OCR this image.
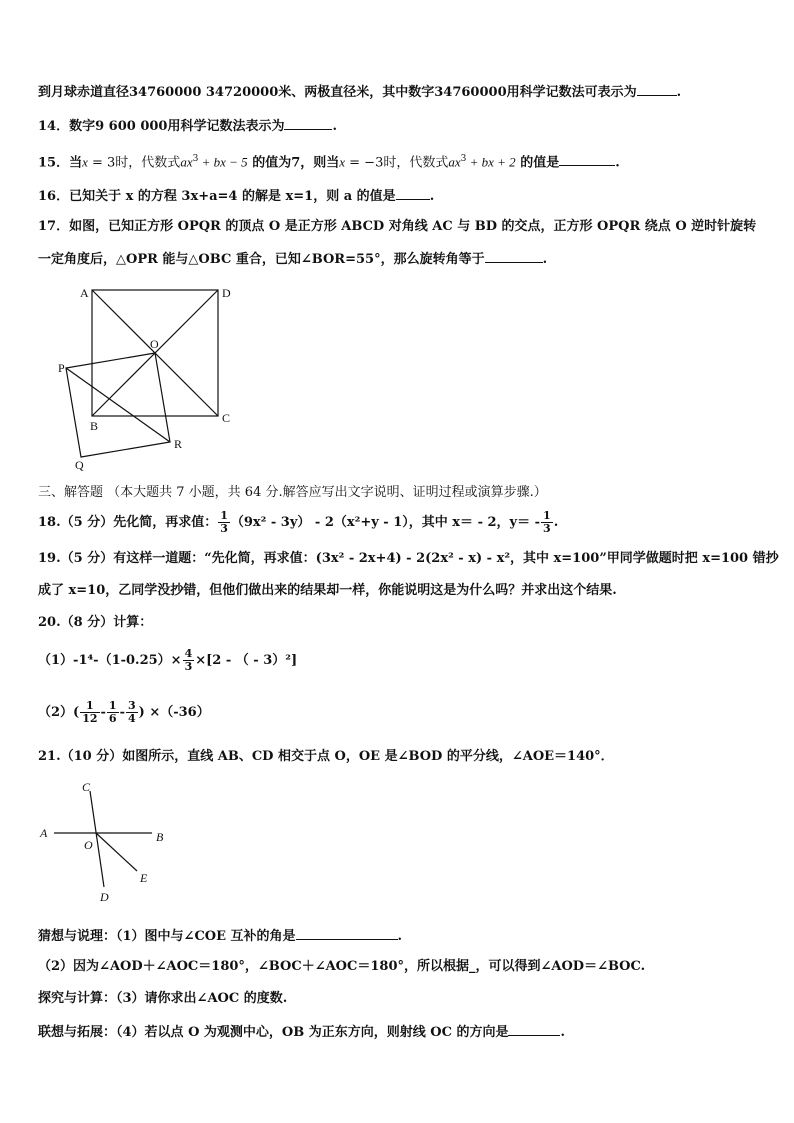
到月球赤道直径34760000 34720000米、两极直径米，其中数字34760000用科学记数法可表示为	.
14．数字9 600 000用科学记数法表示为	.
15．当x = 3时，代数式$ax^3$ + bx − 5 的值为7，则当x = −3时，代数式$ax^3$ + bx + 2 的值是	.
16．已知关于 x 的方程 3x+a=4 的解是 x=1，则 a 的值是	.
17．如图，已知正方形 OPQR 的顶点 O 是正方形 ABCD 对角线 AC 与 BD 的交点，正方形 OPQR 绕点 O 逆时针旋转
一定角度后，△OPR 能与△OBC 重合，已知∠BOR=55°，那么旋转角等于	.
A	D
O
P
B
C
R
Q
三、解答题 （本大题共 7 小题，共 64 分.解答应写出文字说明、证明过程或演算步骤.）
18.（5 分）先化简，再求值： $\frac{1}{3} (9x^2 - 3y) - 2(x^2+y - 1)$，其中 x＝ - 2，$y= - \frac{1}{3}$ .
19.（5 分）有这样一道题：“先化简，再求值：(3x² - 2x+4) - 2(2x² - x) - x²，其中 x=100”甲同学做题时把 x=100 错抄
成了 x=10，乙同学没抄错，但他们做出来的结果却一样，你能说明这是为什么吗？并求出这个结果.
20.（8 分）计算：
$(1)-1^4-(1-0.25)\times \frac{4}{3} \times[2$ - （ - 3）²]
$(2)( \frac{1}{12} - \frac{1}{6} - \frac{3}{4}$ ) ×（-36）
21.（10 分）如图所示，直线 AB、CD 相交于点 O，OE 是∠BOD 的平分线，∠AOE＝140°．
C
A	B
O
E
D
猜想与说理：（1）图中与∠COE 互补的角是	.
（2）因为∠AOD＋∠AOC＝180°，∠BOC＋∠AOC＝180°，所以根据_，可以得到∠AOD＝∠BOC.
探究与计算：（3）请你求出∠AOC 的度数.
联想与拓展：（4）若以点 O 为观测中心，OB 为正东方向，则射线 OC 的方向是	.
